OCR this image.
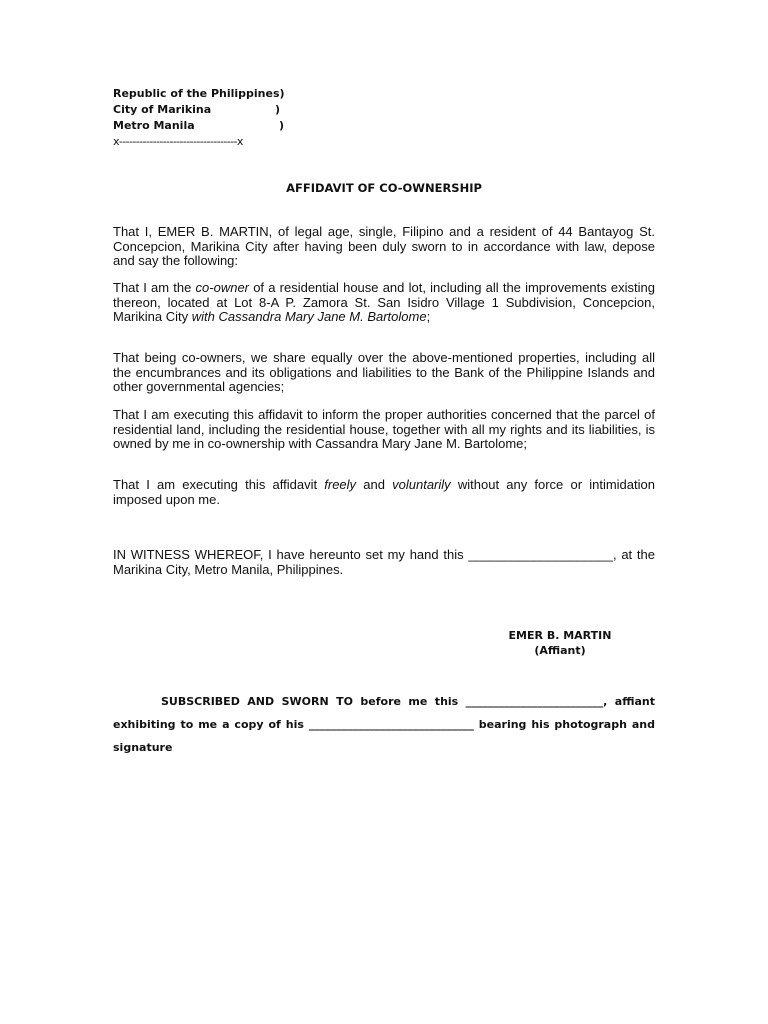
Republic of the Philippines)
City of Marikina	)
Metro Manila	)
x-----------------------------------x
AFFIDAVIT OF CO-OWNERSHIP
That I, EMER B. MARTIN, of legal age, single, Filipino and a resident of 44 Bantayog St. Concepcion, Marikina City after having been duly sworn to in accordance with law, depose and say the following:
That I am the co-owner of a residential house and lot, including all the improvements existing thereon, located at Lot 8-A P. Zamora St. San Isidro Village 1 Subdivision, Concepcion, Marikina City with Cassandra Mary Jane M. Bartolome;
That being co-owners, we share equally over the above-mentioned properties, including all the encumbrances and its obligations and liabilities to the Bank of the Philippine Islands and other governmental agencies;
That I am executing this affidavit to inform the proper authorities concerned that the parcel of residential land, including the residential house, together with all my rights and its liabilities, is owned by me in co-ownership with Cassandra Mary Jane M. Bartolome;
That I am executing this affidavit freely and voluntarily without any force or intimidation imposed upon me.
IN WITNESS WHEREOF, I have hereunto set my hand this ____________________, at the Marikina City, Metro Manila, Philippines.
EMER B. MARTIN
(Affiant)
SUBSCRIBED AND SWORN TO before me this _________________________, affiant exhibiting to me a copy of his ______________________________ bearing his photograph and signature
